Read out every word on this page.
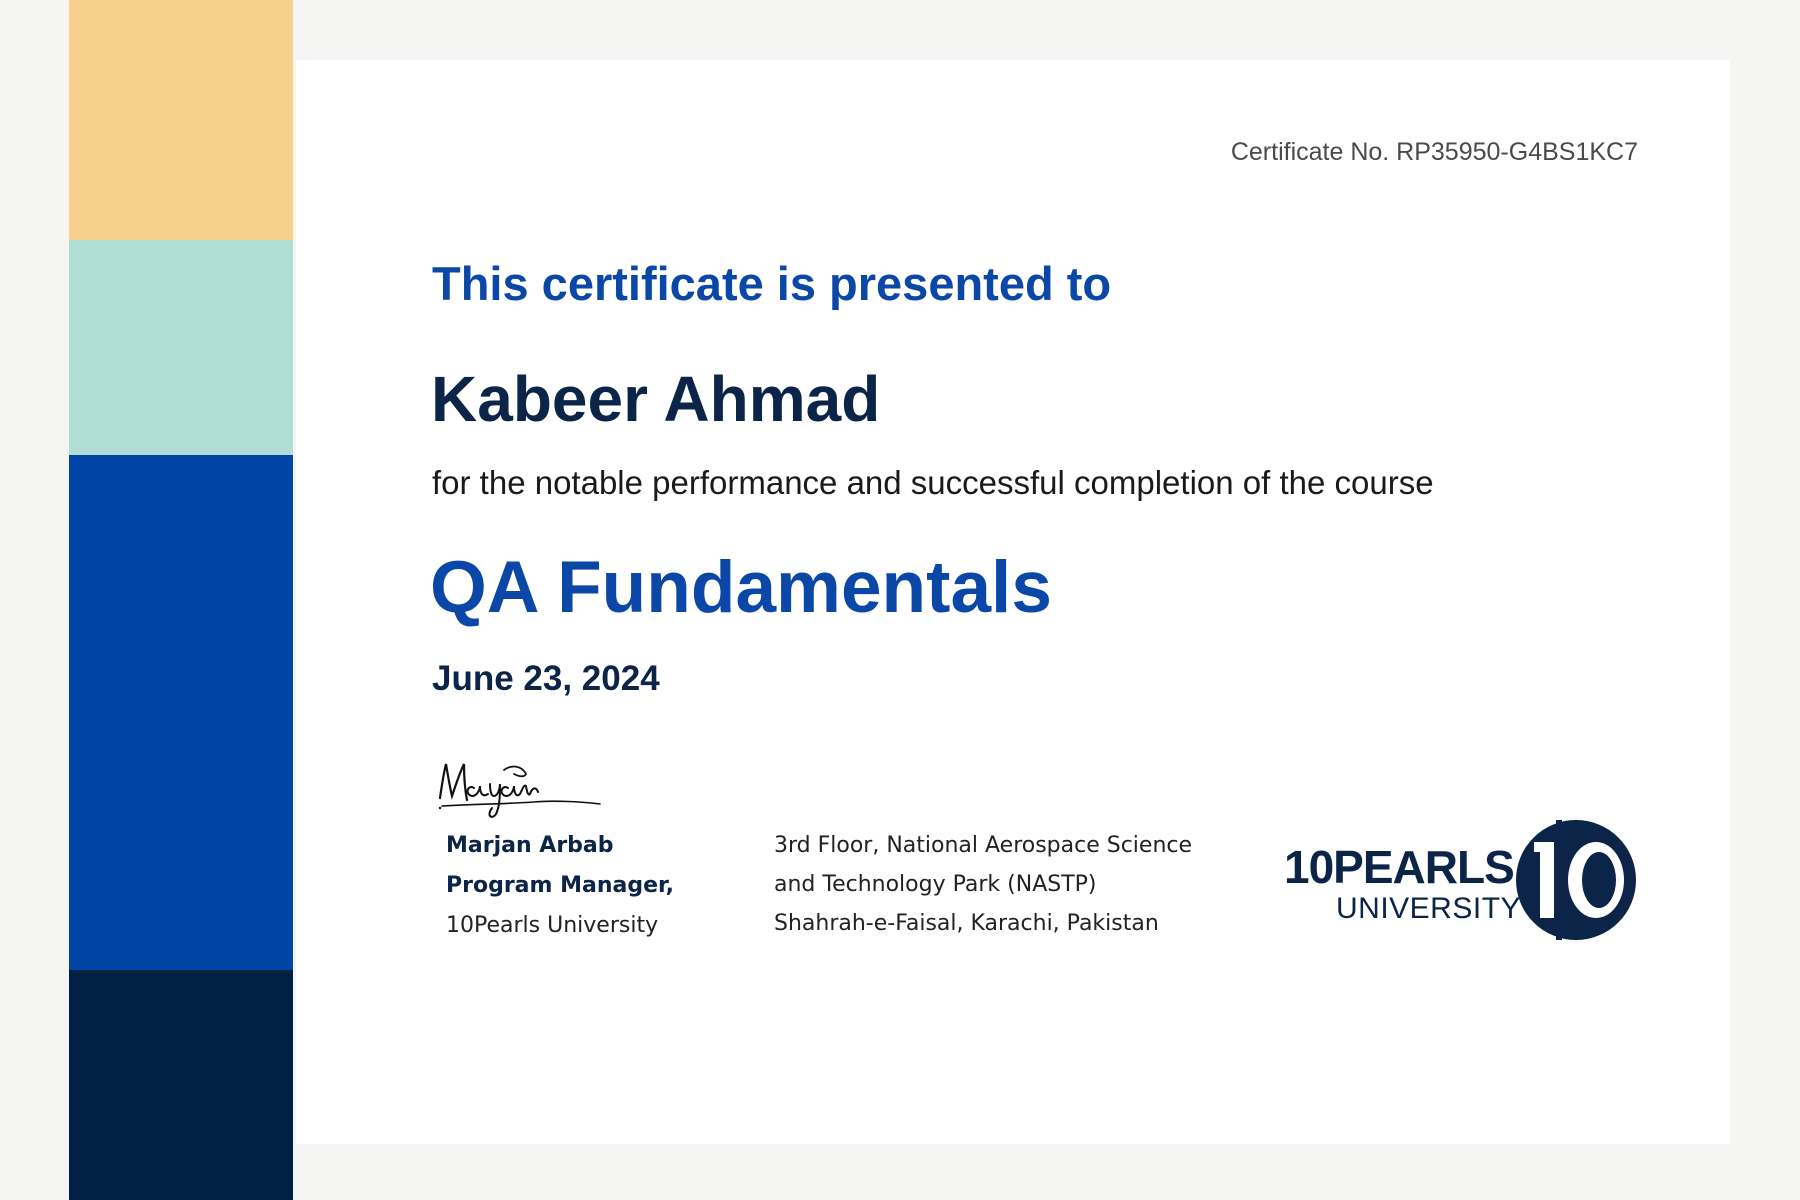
Certificate No. RP35950-G4BS1KC7
This certificate is presented to
Kabeer Ahmad
for the notable performance and successful completion of the course
QA Fundamentals
June 23, 2024
Marjan Arbab
Program Manager,
10Pearls University
3rd Floor, National Aerospace Science
and Technology Park (NASTP)
Shahrah-e-Faisal, Karachi, Pakistan
10PEARLS
UNIVERSITY
